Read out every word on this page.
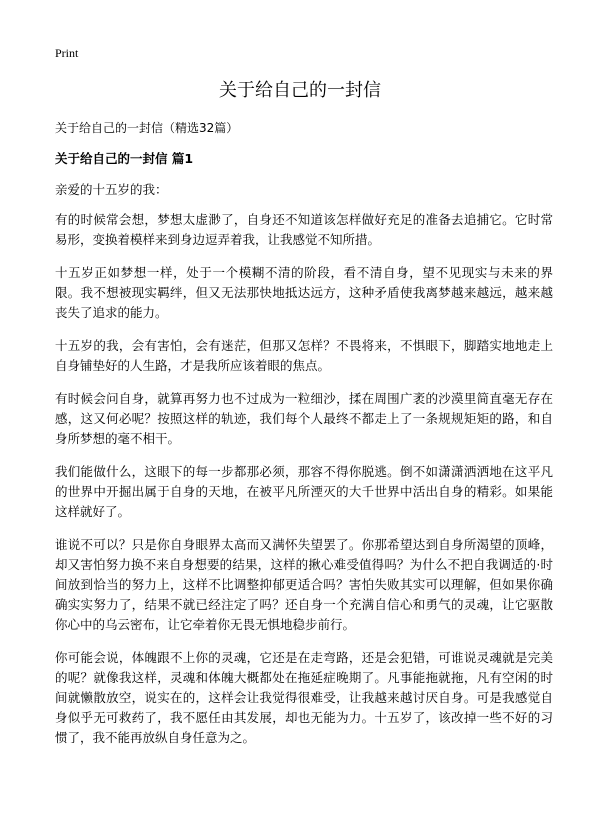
Print
关于给自己的一封信
关于给自己的一封信（精选32篇）
关于给自己的一封信 篇1

亲爱的十五岁的我：

有的时候常会想，梦想太虚渺了，自身还不知道该怎样做好充足的准备去追捕它。它时常易形，变换着模样来到身边逗弄着我，让我感觉不知所措。

十五岁正如梦想一样，处于一个模糊不清的阶段，看不清自身，望不见现实与未来的界限。我不想被现实羁绊，但又无法那快地抵达远方，这种矛盾使我离梦越来越远，越来越丧失了追求的能力。

十五岁的我，会有害怕，会有迷茫，但那又怎样？不畏将来，不惧眼下，脚踏实地地走上自身铺垫好的人生路，才是我所应该着眼的焦点。

有时候会问自身，就算再努力也不过成为一粒细沙，揉在周围广袤的沙漠里简直毫无存在感，这又何必呢？按照这样的轨迹，我们每个人最终不都走上了一条规规矩矩的路，和自身所梦想的毫不相干。

我们能做什么，这眼下的每一步都那必须，那容不得你脱逃。倒不如潇潇洒洒地在这平凡的世界中开掘出属于自身的天地，在被平凡所湮灭的大千世界中活出自身的精彩。如果能这样就好了。

谁说不可以？只是你自身眼界太高而又满怀失望罢了。你那希望达到自身所渴望的顶峰，却又害怕努力换不来自身想要的结果，这样的揪心难受值得吗？为什么不把自我调适的·时间放到恰当的努力上，这样不比调整抑郁更适合吗？害怕失败其实可以理解，但如果你确确实实努力了，结果不就已经注定了吗？还自身一个充满自信心和勇气的灵魂，让它驱散你心中的乌云密布，让它牵着你无畏无惧地稳步前行。

你可能会说，体魄跟不上你的灵魂，它还是在走弯路，还是会犯错，可谁说灵魂就是完美的呢？就像我这样，灵魂和体魄大概都处在拖延症晚期了。凡事能拖就拖，凡有空闲的时间就懒散放空，说实在的，这样会让我觉得很难受，让我越来越讨厌自身。可是我感觉自身似乎无可救药了，我不愿任由其发展，却也无能为力。十五岁了，该改掉一些不好的习惯了，我不能再放纵自身任意为之。
